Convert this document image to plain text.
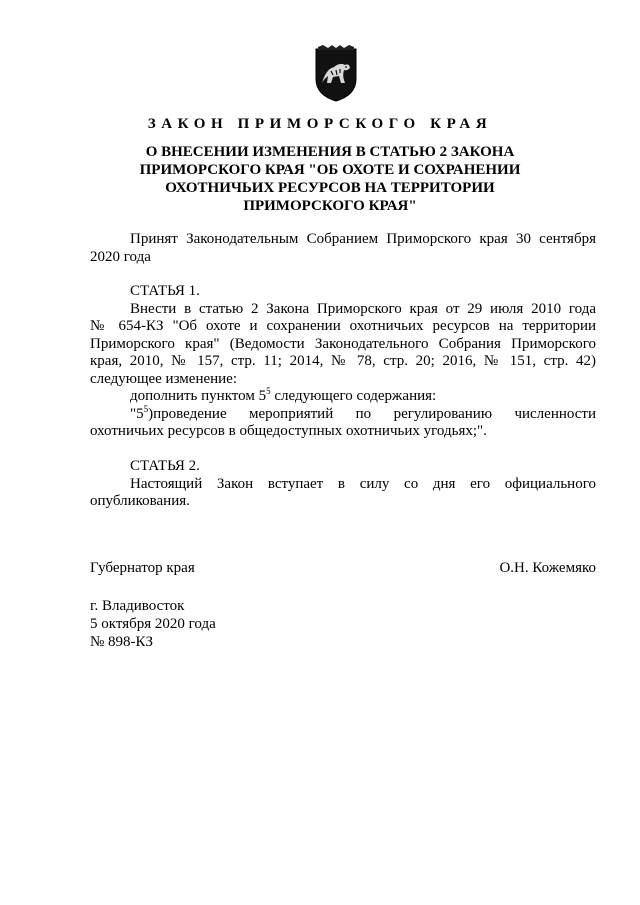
ЗАКОН ПРИМОРСКОГО КРАЯ
О ВНЕСЕНИИ ИЗМЕНЕНИЯ В СТАТЬЮ 2 ЗАКОНА
ПРИМОРСКОГО КРАЯ "ОБ ОХОТЕ И СОХРАНЕНИИ
ОХОТНИЧЬИХ РЕСУРСОВ НА ТЕРРИТОРИИ
ПРИМОРСКОГО КРАЯ"
Принят Законодательным Собранием Приморского края 30 сентября
2020 года
СТАТЬЯ 1.
Внести в статью 2 Закона Приморского края от 29 июля 2010 года
№ 654-КЗ "Об охоте и сохранении охотничьих ресурсов на территории
Приморского края" (Ведомости Законодательного Собрания Приморского
края, 2010, № 157, стр. 11; 2014, № 78, стр. 20; 2016, № 151, стр. 42)
следующее изменение:
дополнить пунктом $5^5$ следующего содержания:
"$5^5)проведение$ мероприятий по регулированию численности
охотничьих ресурсов в общедоступных охотничьих угодьях;".
СТАТЬЯ 2.
Настоящий Закон вступает в силу со дня его официального
опубликования.
Губернатор края	О.Н. Кожемяко
г. Владивосток
5 октября 2020 года
№ 898-КЗ
